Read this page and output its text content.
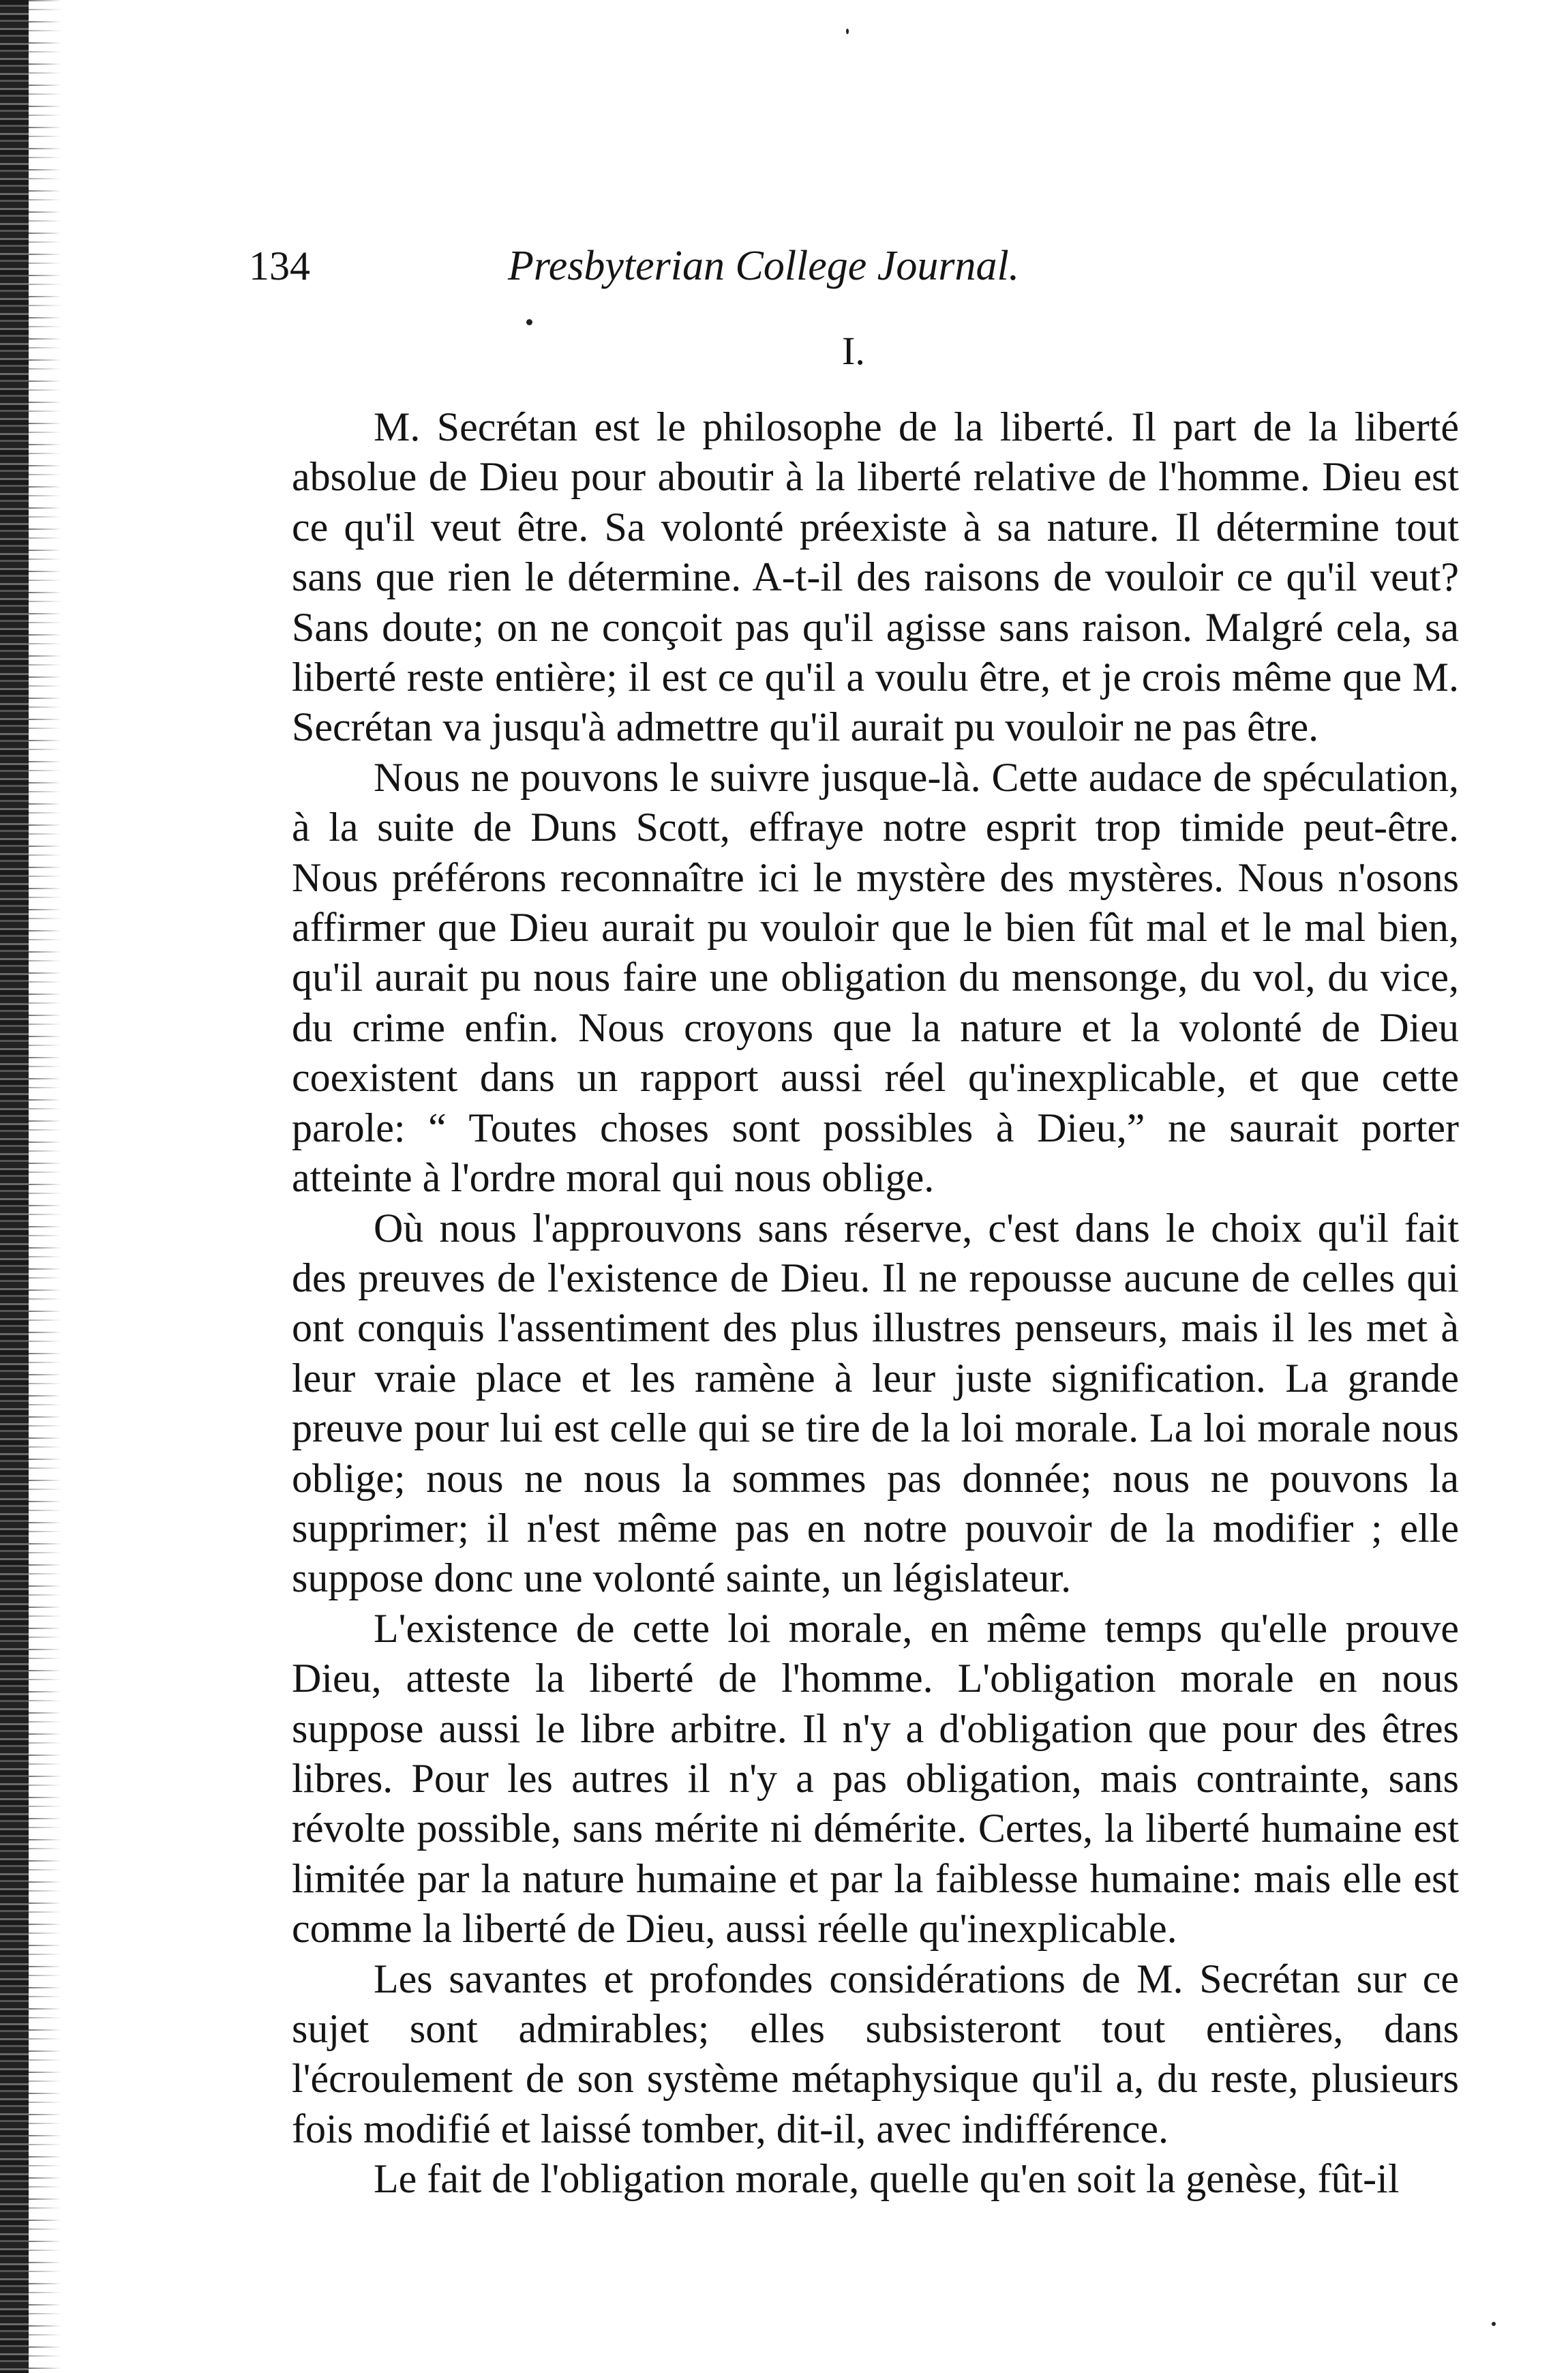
134	Presbyterian College Journal.
I.

M. Secrétan est le philosophe de la liberté. Il part de la liberté absolue de Dieu pour aboutir à la liberté relative de l'homme. Dieu est ce qu'il veut être. Sa volonté préexiste à sa nature. Il détermine tout sans que rien le détermine. A-t-il des raisons de vouloir ce qu'il veut? Sans doute; on ne conçoit pas qu'il agisse sans raison. Malgré cela, sa liberté reste entière; il est ce qu'il a voulu être, et je crois même que M. Secrétan va jusqu'à admettre qu'il aurait pu vouloir ne pas être.

Nous ne pouvons le suivre jusque-là. Cette audace de spéculation, à la suite de Duns Scott, effraye notre esprit trop timide peut-être. Nous préférons reconnaître ici le mystère des mystères. Nous n'osons affirmer que Dieu aurait pu vouloir que le bien fût mal et le mal bien, qu'il aurait pu nous faire une obligation du mensonge, du vol, du vice, du crime enfin. Nous croyons que la nature et la volonté de Dieu coexistent dans un rapport aussi réel qu'inexplicable, et que cette parole: “ Toutes choses sont possibles à Dieu,” ne saurait porter atteinte à l'ordre moral qui nous oblige.

Où nous l'approuvons sans réserve, c'est dans le choix qu'il fait des preuves de l'existence de Dieu. Il ne repousse aucune de celles qui ont conquis l'assentiment des plus illustres penseurs, mais il les met à leur vraie place et les ramène à leur juste signification. La grande preuve pour lui est celle qui se tire de la loi morale. La loi morale nous oblige; nous ne nous la sommes pas donnée; nous ne pouvons la supprimer; il n'est même pas en notre pouvoir de la modifier ; elle suppose donc une volonté sainte, un législateur.

L'existence de cette loi morale, en même temps qu'elle prouve Dieu, atteste la liberté de l'homme. L'obligation morale en nous suppose aussi le libre arbitre. Il n'y a d'obligation que pour des êtres libres. Pour les autres il n'y a pas obligation, mais contrainte, sans révolte possible, sans mérite ni démérite. Certes, la liberté humaine est limitée par la nature humaine et par la faiblesse humaine: mais elle est comme la liberté de Dieu, aussi réelle qu'inexplicable.

Les savantes et profondes considérations de M. Secrétan sur ce sujet sont admirables; elles subsisteront tout entières, dans l'écroulement de son système métaphysique qu'il a, du reste, plusieurs fois modifié et laissé tomber, dit-il, avec indifférence.

Le fait de l'obligation morale, quelle qu'en soit la genèse, fût-il
